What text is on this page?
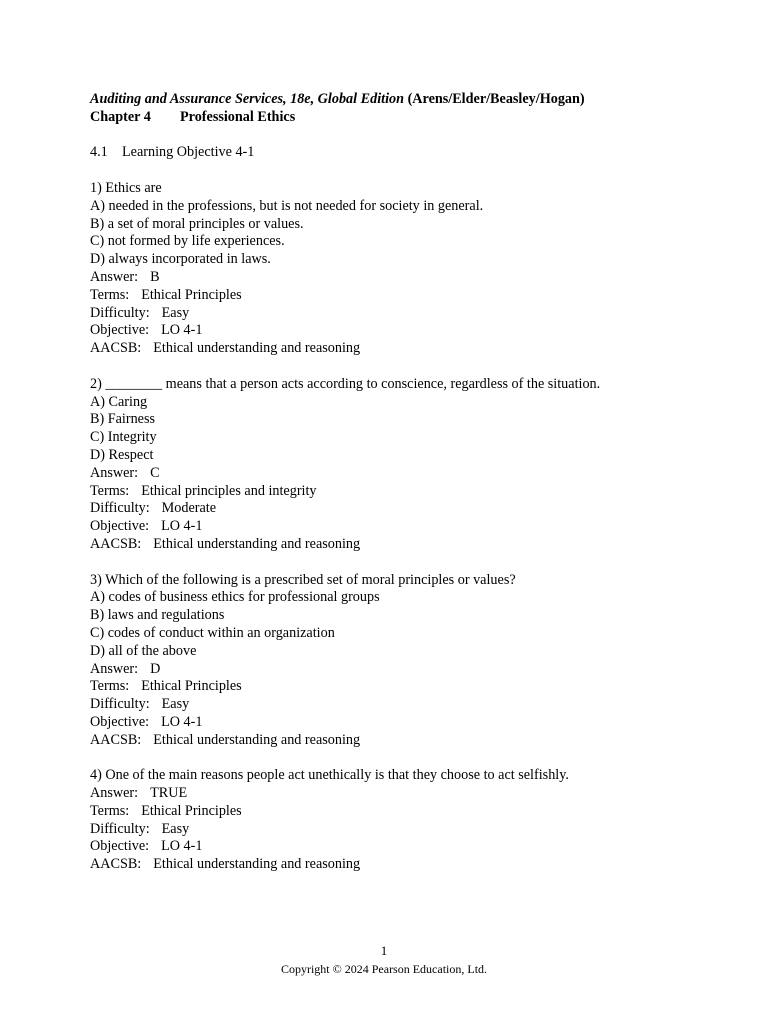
Auditing and Assurance Services, 18e, Global Edition (Arens/Elder/Beasley/Hogan)
Chapter 4 Professional Ethics
4.1 Learning Objective 4-1
1) Ethics are
A) needed in the professions, but is not needed for society in general.
B) a set of moral principles or values.
C) not formed by life experiences.
D) always incorporated in laws.
Answer: B
Terms: Ethical Principles
Difficulty: Easy
Objective: LO 4-1
AACSB: Ethical understanding and reasoning
2) ________ means that a person acts according to conscience, regardless of the situation.
A) Caring
B) Fairness
C) Integrity
D) Respect
Answer: C
Terms: Ethical principles and integrity
Difficulty: Moderate
Objective: LO 4-1
AACSB: Ethical understanding and reasoning
3) Which of the following is a prescribed set of moral principles or values?
A) codes of business ethics for professional groups
B) laws and regulations
C) codes of conduct within an organization
D) all of the above
Answer: D
Terms: Ethical Principles
Difficulty: Easy
Objective: LO 4-1
AACSB: Ethical understanding and reasoning
4) One of the main reasons people act unethically is that they choose to act selfishly.
Answer: TRUE
Terms: Ethical Principles
Difficulty: Easy
Objective: LO 4-1
AACSB: Ethical understanding and reasoning
1
Copyright © 2024 Pearson Education, Ltd.
